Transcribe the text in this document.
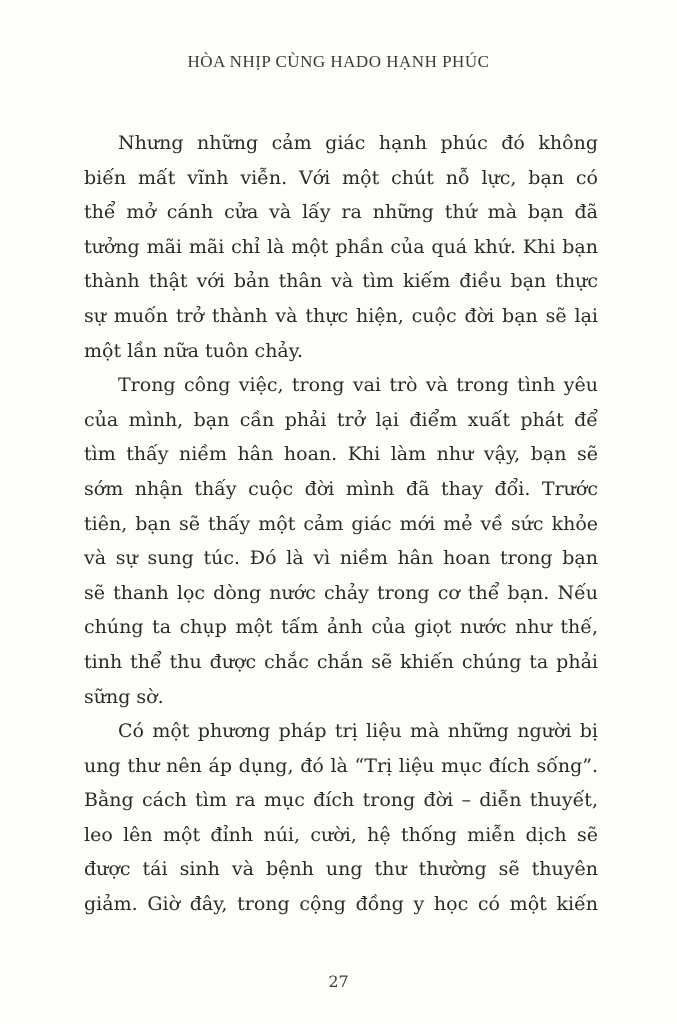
HÒA NHỊP CÙNG HADO HẠNH PHÚC
Nhưng những cảm giác hạnh phúc đó không
biến mất vĩnh viễn. Với một chút nỗ lực, bạn có
thể mở cánh cửa và lấy ra những thứ mà bạn đã
tưởng mãi mãi chỉ là một phần của quá khứ. Khi bạn
thành thật với bản thân và tìm kiếm điều bạn thực
sự muốn trở thành và thực hiện, cuộc đời bạn sẽ lại
một lần nữa tuôn chảy.
Trong công việc, trong vai trò và trong tình yêu
của mình, bạn cần phải trở lại điểm xuất phát để
tìm thấy niềm hân hoan. Khi làm như vậy, bạn sẽ
sớm nhận thấy cuộc đời mình đã thay đổi. Trước
tiên, bạn sẽ thấy một cảm giác mới mẻ về sức khỏe
và sự sung túc. Đó là vì niềm hân hoan trong bạn
sẽ thanh lọc dòng nước chảy trong cơ thể bạn. Nếu
chúng ta chụp một tấm ảnh của giọt nước như thế,
tinh thể thu được chắc chắn sẽ khiến chúng ta phải
sững sờ.
Có một phương pháp trị liệu mà những người bị
ung thư nên áp dụng, đó là “Trị liệu mục đích sống”.
Bằng cách tìm ra mục đích trong đời – diễn thuyết,
leo lên một đỉnh núi, cười, hệ thống miễn dịch sẽ
được tái sinh và bệnh ung thư thường sẽ thuyên
giảm. Giờ đây, trong cộng đồng y học có một kiến
27
